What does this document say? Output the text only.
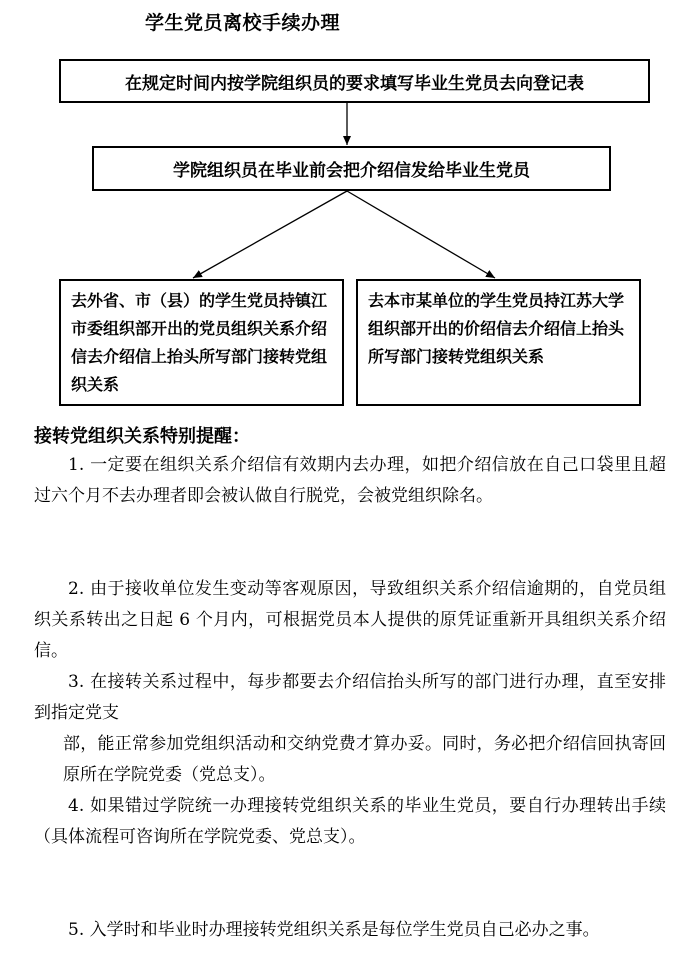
学生党员离校手续办理
在规定时间内按学院组织员的要求填写毕业生党员去向登记表
学院组织员在毕业前会把介绍信发给毕业生党员
去外省、市（县）的学生党员持镇江市委组织部开出的党员组织关系介绍信去介绍信上抬头所写部门接转党组织关系
去本市某单位的学生党员持江苏大学组织部开出的价绍信去介绍信上抬头所写部门接转党组织关系
接转党组织关系特别提醒：

1. 一定要在组织关系介绍信有效期内去办理，如把介绍信放在自己口袋里且超过六个月不去办理者即会被认做自行脱党，会被党组织除名。

2. 由于接收单位发生变动等客观原因，导致组织关系介绍信逾期的，自党员组织关系转出之日起 6 个月内，可根据党员本人提供的原凭证重新开具组织关系介绍信。

3. 在接转关系过程中，每步都要去介绍信抬头所写的部门进行办理，直至安排到指定党支

部，能正常参加党组织活动和交纳党费才算办妥。同时，务必把介绍信回执寄回原所在学院党委（党总支）。

4. 如果错过学院统一办理接转党组织关系的毕业生党员，要自行办理转出手续（具体流程可咨询所在学院党委、党总支）。

5. 入学时和毕业时办理接转党组织关系是每位学生党员自己必办之事。
